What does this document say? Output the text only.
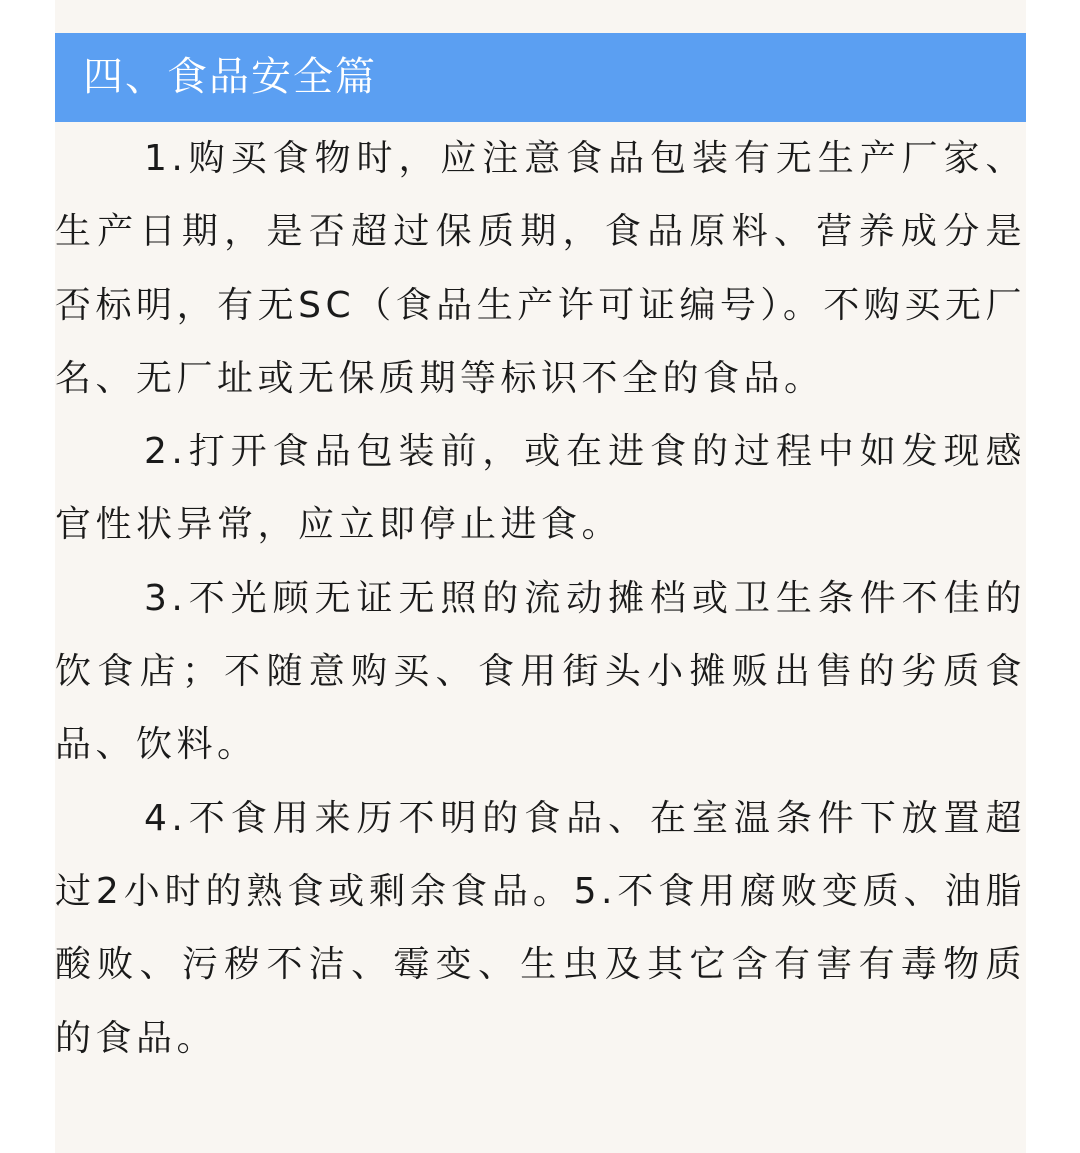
四、食品安全篇

1.购买食物时，应注意食品包装有无生产厂家、生产日期，是否超过保质期，食品原料、营养成分是否标明，有无SC（食品生产许可证编号）。不购买无厂名、无厂址或无保质期等标识不全的食品。

2.打开食品包装前，或在进食的过程中如发现感官性状异常，应立即停止进食。

3.不光顾无证无照的流动摊档或卫生条件不佳的饮食店；不随意购买、食用街头小摊贩出售的劣质食品、饮料。

4.不食用来历不明的食品、在室温条件下放置超过2小时的熟食或剩余食品。5.不食用腐败变质、油脂酸败、污秽不洁、霉变、生虫及其它含有害有毒物质的食品。
